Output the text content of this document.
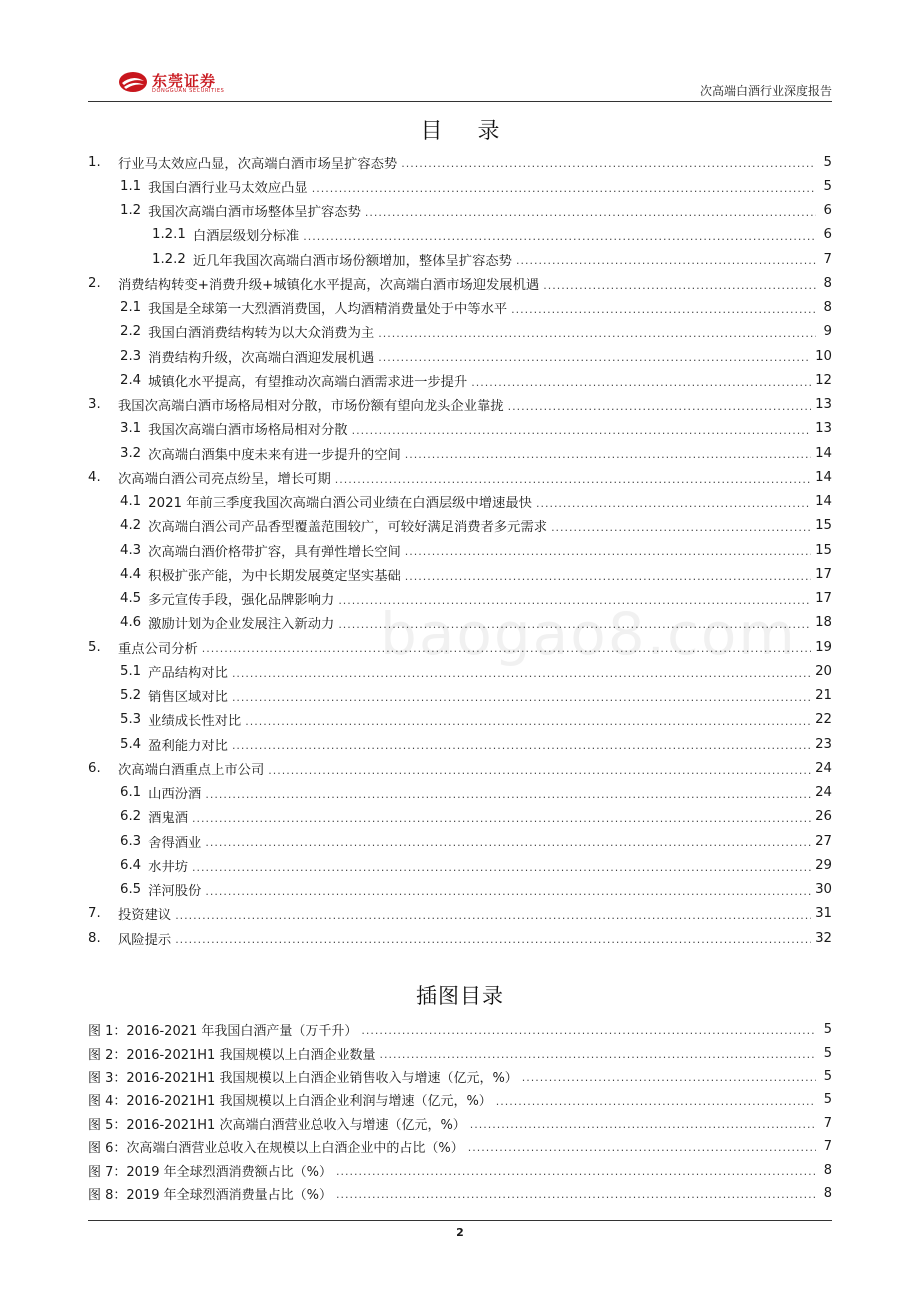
东莞证券
DONGGUAN SECURITIES	次高端白酒行业深度报告
目 录
1.	行业马太效应凸显，次高端白酒市场呈扩容态势 .....	5
1.1 我国白酒行业马太效应凸显 .....	5
1.2 我国次高端白酒市场整体呈扩容态势 .....	6
1.2.1 白酒层级划分标准 .....	6
1.2.2 近几年我国次高端白酒市场份额增加，整体呈扩容态势 .....	7
2.	消费结构转变+消费升级+城镇化水平提高，次高端白酒市场迎发展机遇 .....	8
2.1 我国是全球第一大烈酒消费国，人均酒精消费量处于中等水平 .....	8
2.2 我国白酒消费结构转为以大众消费为主 .....	9
2.3 消费结构升级，次高端白酒迎发展机遇 .....	10
2.4 城镇化水平提高，有望推动次高端白酒需求进一步提升 .....	12
3.	我国次高端白酒市场格局相对分散，市场份额有望向龙头企业靠拢 .....	13
3.1 我国次高端白酒市场格局相对分散 .....	13
3.2 次高端白酒集中度未来有进一步提升的空间 .....	14
4.	次高端白酒公司亮点纷呈，增长可期 .....	14
4.1 2021 年前三季度我国次高端白酒公司业绩在白酒层级中增速最快 .....	14
4.2 次高端白酒公司产品香型覆盖范围较广，可较好满足消费者多元需求 .....	15
4.3 次高端白酒价格带扩容，具有弹性增长空间 .....	15
4.4 积极扩张产能，为中长期发展奠定坚实基础 .....	17
4.5 多元宣传手段，强化品牌影响力 .....	17
4.6 激励计划为企业发展注入新动力 .....	18
5.	重点公司分析 .....	19
5.1 产品结构对比 .....	20
5.2 销售区域对比 .....	21
5.3 业绩成长性对比 .....	22
5.4 盈利能力对比 .....	23
6.	次高端白酒重点上市公司 .....	24
6.1 山西汾酒 .....	24
6.2 酒鬼酒 .....	26
6.3 舍得酒业 .....	27
6.4 水井坊 .....	29
6.5 洋河股份 .....	30
7.	投资建议 .....	31
8.	风险提示 .....	32
插图目录
图 1：2016-2021 年我国白酒产量（万千升） .....	5
图 2：2016-2021H1 我国规模以上白酒企业数量 .....	5
图 3：2016-2021H1 我国规模以上白酒企业销售收入与增速（亿元，%） .....	5
图 4：2016-2021H1 我国规模以上白酒企业利润与增速（亿元，%） .....	5
图 5：2016-2021H1 次高端白酒营业总收入与增速（亿元，%） .....	7
图 6：次高端白酒营业总收入在规模以上白酒企业中的占比（%） .....	7
图 7：2019 年全球烈酒消费额占比（%） .....	8
图 8：2019 年全球烈酒消费量占比（%） .....	8
baogao8.com
2
